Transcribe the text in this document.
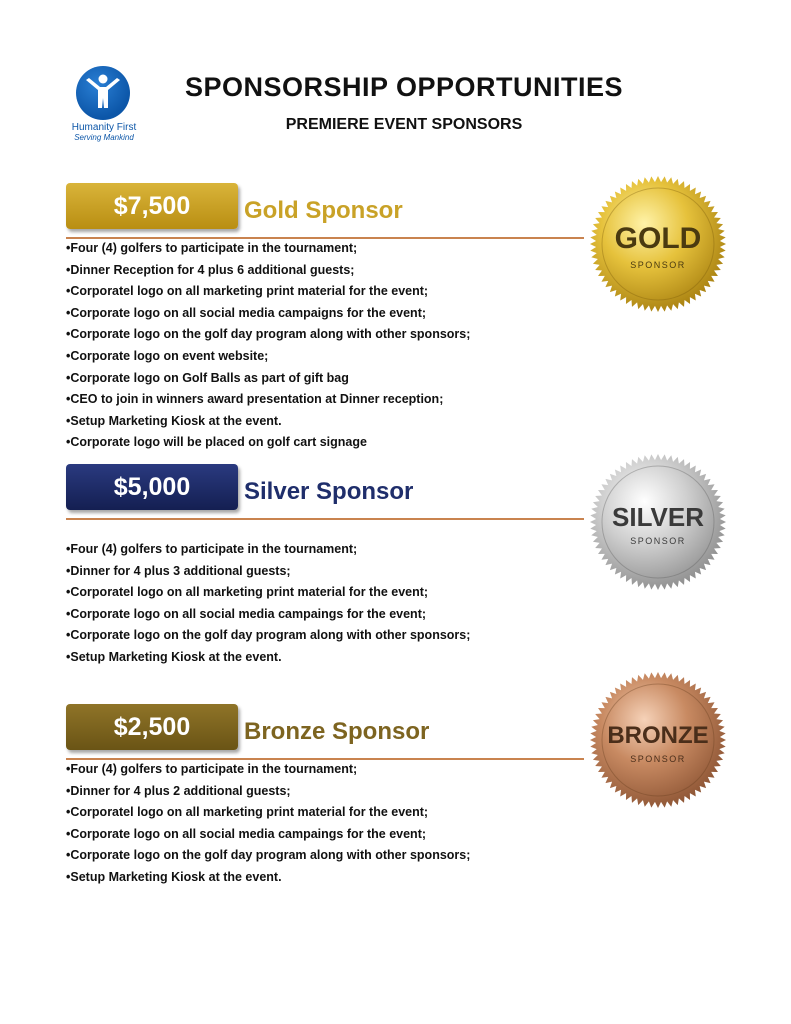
Humanity First
Serving Mankind
SPONSORSHIP OPPORTUNITIES
PREMIERE EVENT SPONSORS
$7,500	Gold Sponsor
• Four (4) golfers to participate in the tournament;
• Dinner Reception for 4 plus 6 additional guests;
• Corporatel logo on all marketing print material for the event;
• Corporate logo on all social media campaigns for the event;
• Corporate logo on the golf day program along with other sponsors;
• Corporate logo on event website;
• Corporate logo on Golf Balls as part of gift bag
• CEO to join in winners award presentation at Dinner reception;
• Setup Marketing Kiosk at the event.
• Corporate logo will be placed on golf cart signage
GOLD
SPONSOR
$5,000	Silver Sponsor
• Four (4) golfers to participate in the tournament;
• Dinner for 4 plus 3 additional guests;
• Corporatel logo on all marketing print material for the event;
• Corporate logo on all social media campaings for the event;
• Corporate logo on the golf day program along with other sponsors;
• Setup Marketing Kiosk at the event.
SILVER
SPONSOR
$2,500	Bronze Sponsor
• Four (4) golfers to participate in the tournament;
• Dinner for 4 plus 2 additional guests;
• Corporatel logo on all marketing print material for the event;
• Corporate logo on all social media campaings for the event;
• Corporate logo on the golf day program along with other sponsors;
• Setup Marketing Kiosk at the event.
BRONZE
SPONSOR
